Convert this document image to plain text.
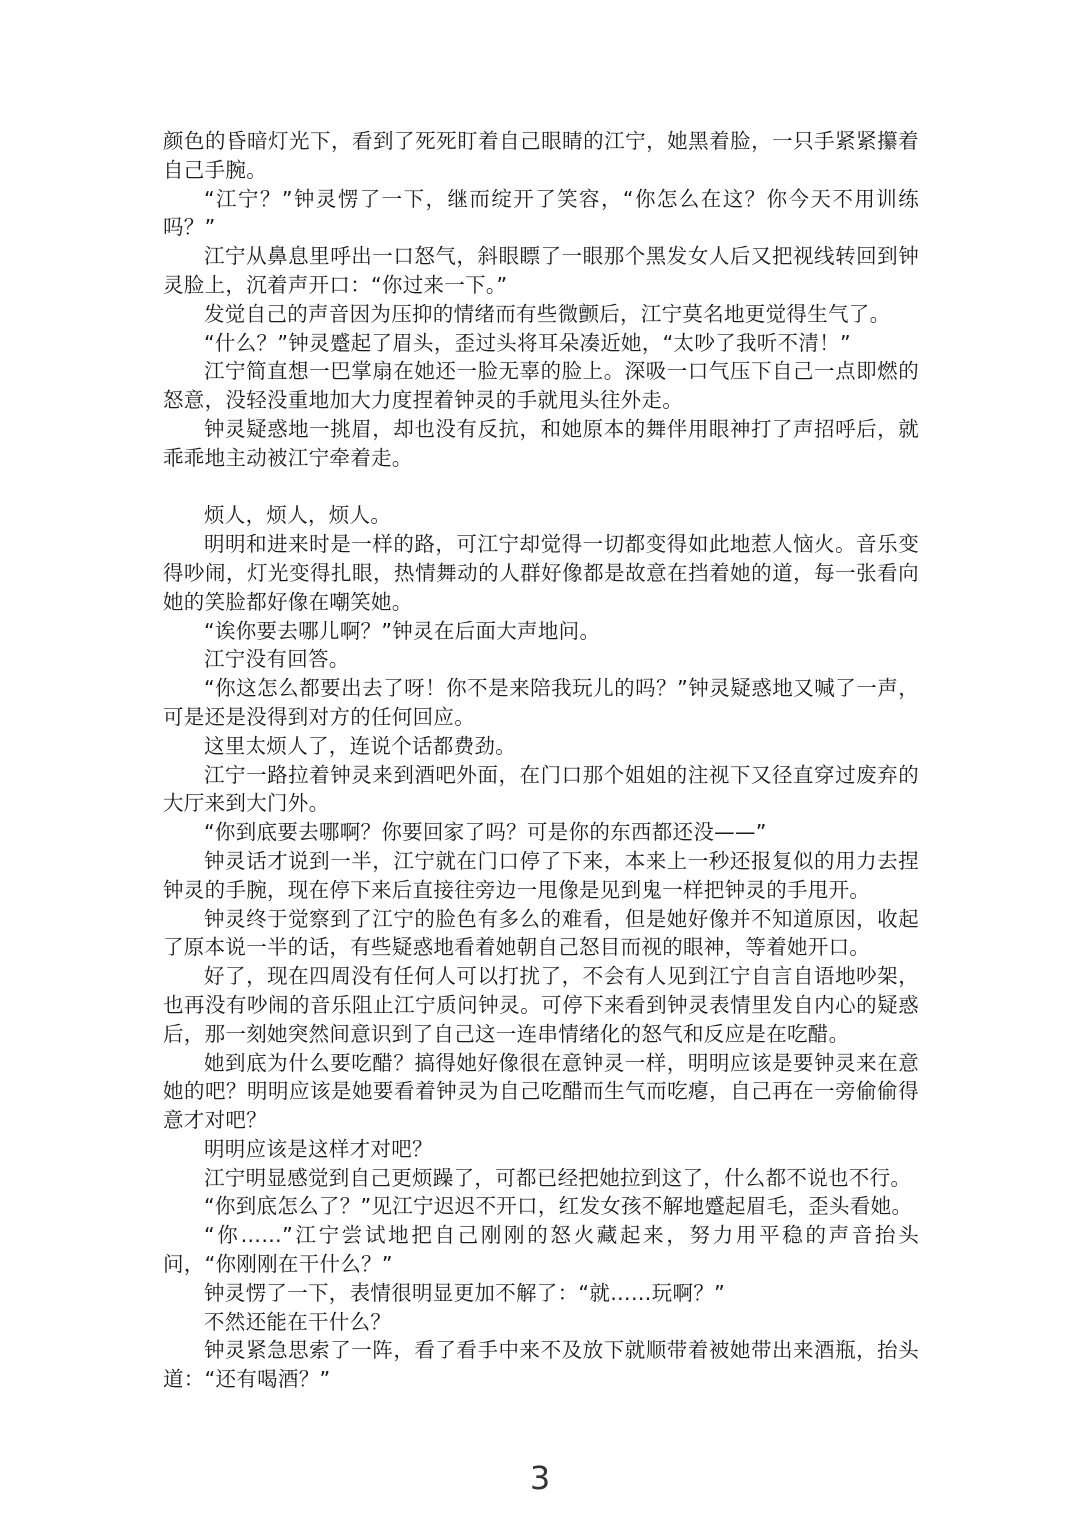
颜色的昏暗灯光下，看到了死死盯着自己眼睛的江宁，她黑着脸，一只手紧紧攥着自己手腕。

“江宁？”钟灵愣了一下，继而绽开了笑容，“你怎么在这？你今天不用训练吗？”

江宁从鼻息里呼出一口怒气，斜眼瞟了一眼那个黑发女人后又把视线转回到钟灵脸上，沉着声开口：“你过来一下。”

发觉自己的声音因为压抑的情绪而有些微颤后，江宁莫名地更觉得生气了。

“什么？”钟灵蹙起了眉头，歪过头将耳朵凑近她，“太吵了我听不清！”

江宁简直想一巴掌扇在她还一脸无辜的脸上。深吸一口气压下自己一点即燃的怒意，没轻没重地加大力度捏着钟灵的手就甩头往外走。

钟灵疑惑地一挑眉，却也没有反抗，和她原本的舞伴用眼神打了声招呼后，就乖乖地主动被江宁牵着走。

烦人，烦人，烦人。

明明和进来时是一样的路，可江宁却觉得一切都变得如此地惹人恼火。音乐变得吵闹，灯光变得扎眼，热情舞动的人群好像都是故意在挡着她的道，每一张看向她的笑脸都好像在嘲笑她。

“诶你要去哪儿啊？”钟灵在后面大声地问。

江宁没有回答。

“你这怎么都要出去了呀！你不是来陪我玩儿的吗？”钟灵疑惑地又喊了一声，可是还是没得到对方的任何回应。

这里太烦人了，连说个话都费劲。

江宁一路拉着钟灵来到酒吧外面，在门口那个姐姐的注视下又径直穿过废弃的大厅来到大门外。

“你到底要去哪啊？你要回家了吗？可是你的东西都还没——”

钟灵话才说到一半，江宁就在门口停了下来，本来上一秒还报复似的用力去捏钟灵的手腕，现在停下来后直接往旁边一甩像是见到鬼一样把钟灵的手甩开。

钟灵终于觉察到了江宁的脸色有多么的难看，但是她好像并不知道原因，收起了原本说一半的话，有些疑惑地看着她朝自己怒目而视的眼神，等着她开口。

好了，现在四周没有任何人可以打扰了，不会有人见到江宁自言自语地吵架，也再没有吵闹的音乐阻止江宁质问钟灵。可停下来看到钟灵表情里发自内心的疑惑后，那一刻她突然间意识到了自己这一连串情绪化的怒气和反应是在吃醋。

她到底为什么要吃醋？搞得她好像很在意钟灵一样，明明应该是要钟灵来在意她的吧？明明应该是她要看着钟灵为自己吃醋而生气而吃瘪，自己再在一旁偷偷得意才对吧？

明明应该是这样才对吧？

江宁明显感觉到自己更烦躁了，可都已经把她拉到这了，什么都不说也不行。

“你到底怎么了？”见江宁迟迟不开口，红发女孩不解地蹙起眉毛，歪头看她。

“你……”江宁尝试地把自己刚刚的怒火藏起来，努力用平稳的声音抬头问，“你刚刚在干什么？”

钟灵愣了一下，表情很明显更加不解了：“就……玩啊？”

不然还能在干什么？

钟灵紧急思索了一阵，看了看手中来不及放下就顺带着被她带出来酒瓶，抬头道：“还有喝酒？”

3
